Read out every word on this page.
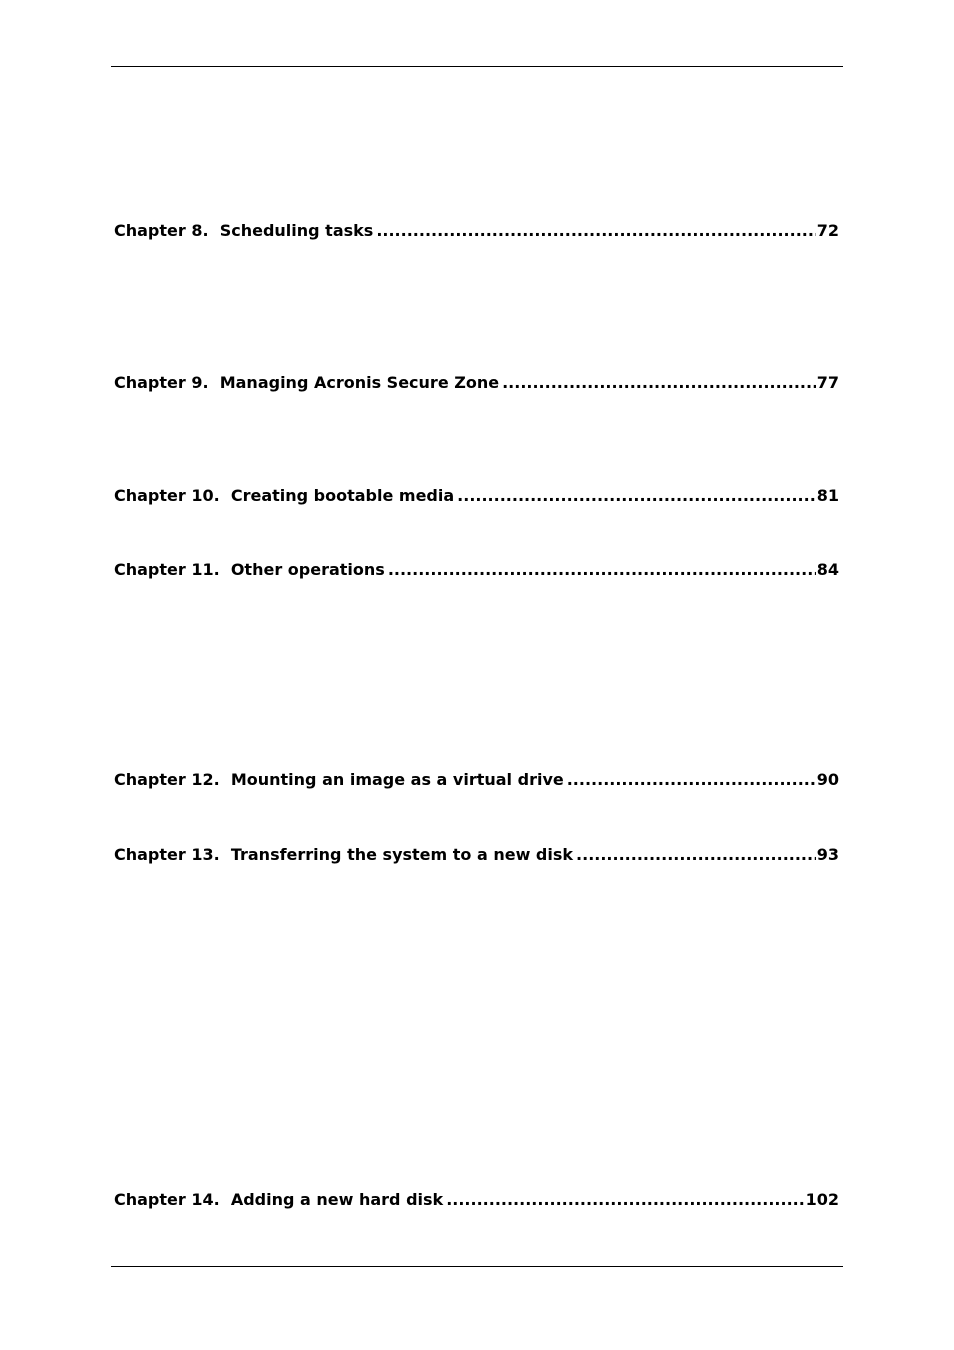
Chapter 8. Scheduling tasks .....	72
Chapter 9. Managing Acronis Secure Zone .....	77
Chapter 10. Creating bootable media .....	81
Chapter 11. Other operations .....	84
Chapter 12. Mounting an image as a virtual drive .....	90
Chapter 13. Transferring the system to a new disk .....	93
Chapter 14. Adding a new hard disk .....	102
